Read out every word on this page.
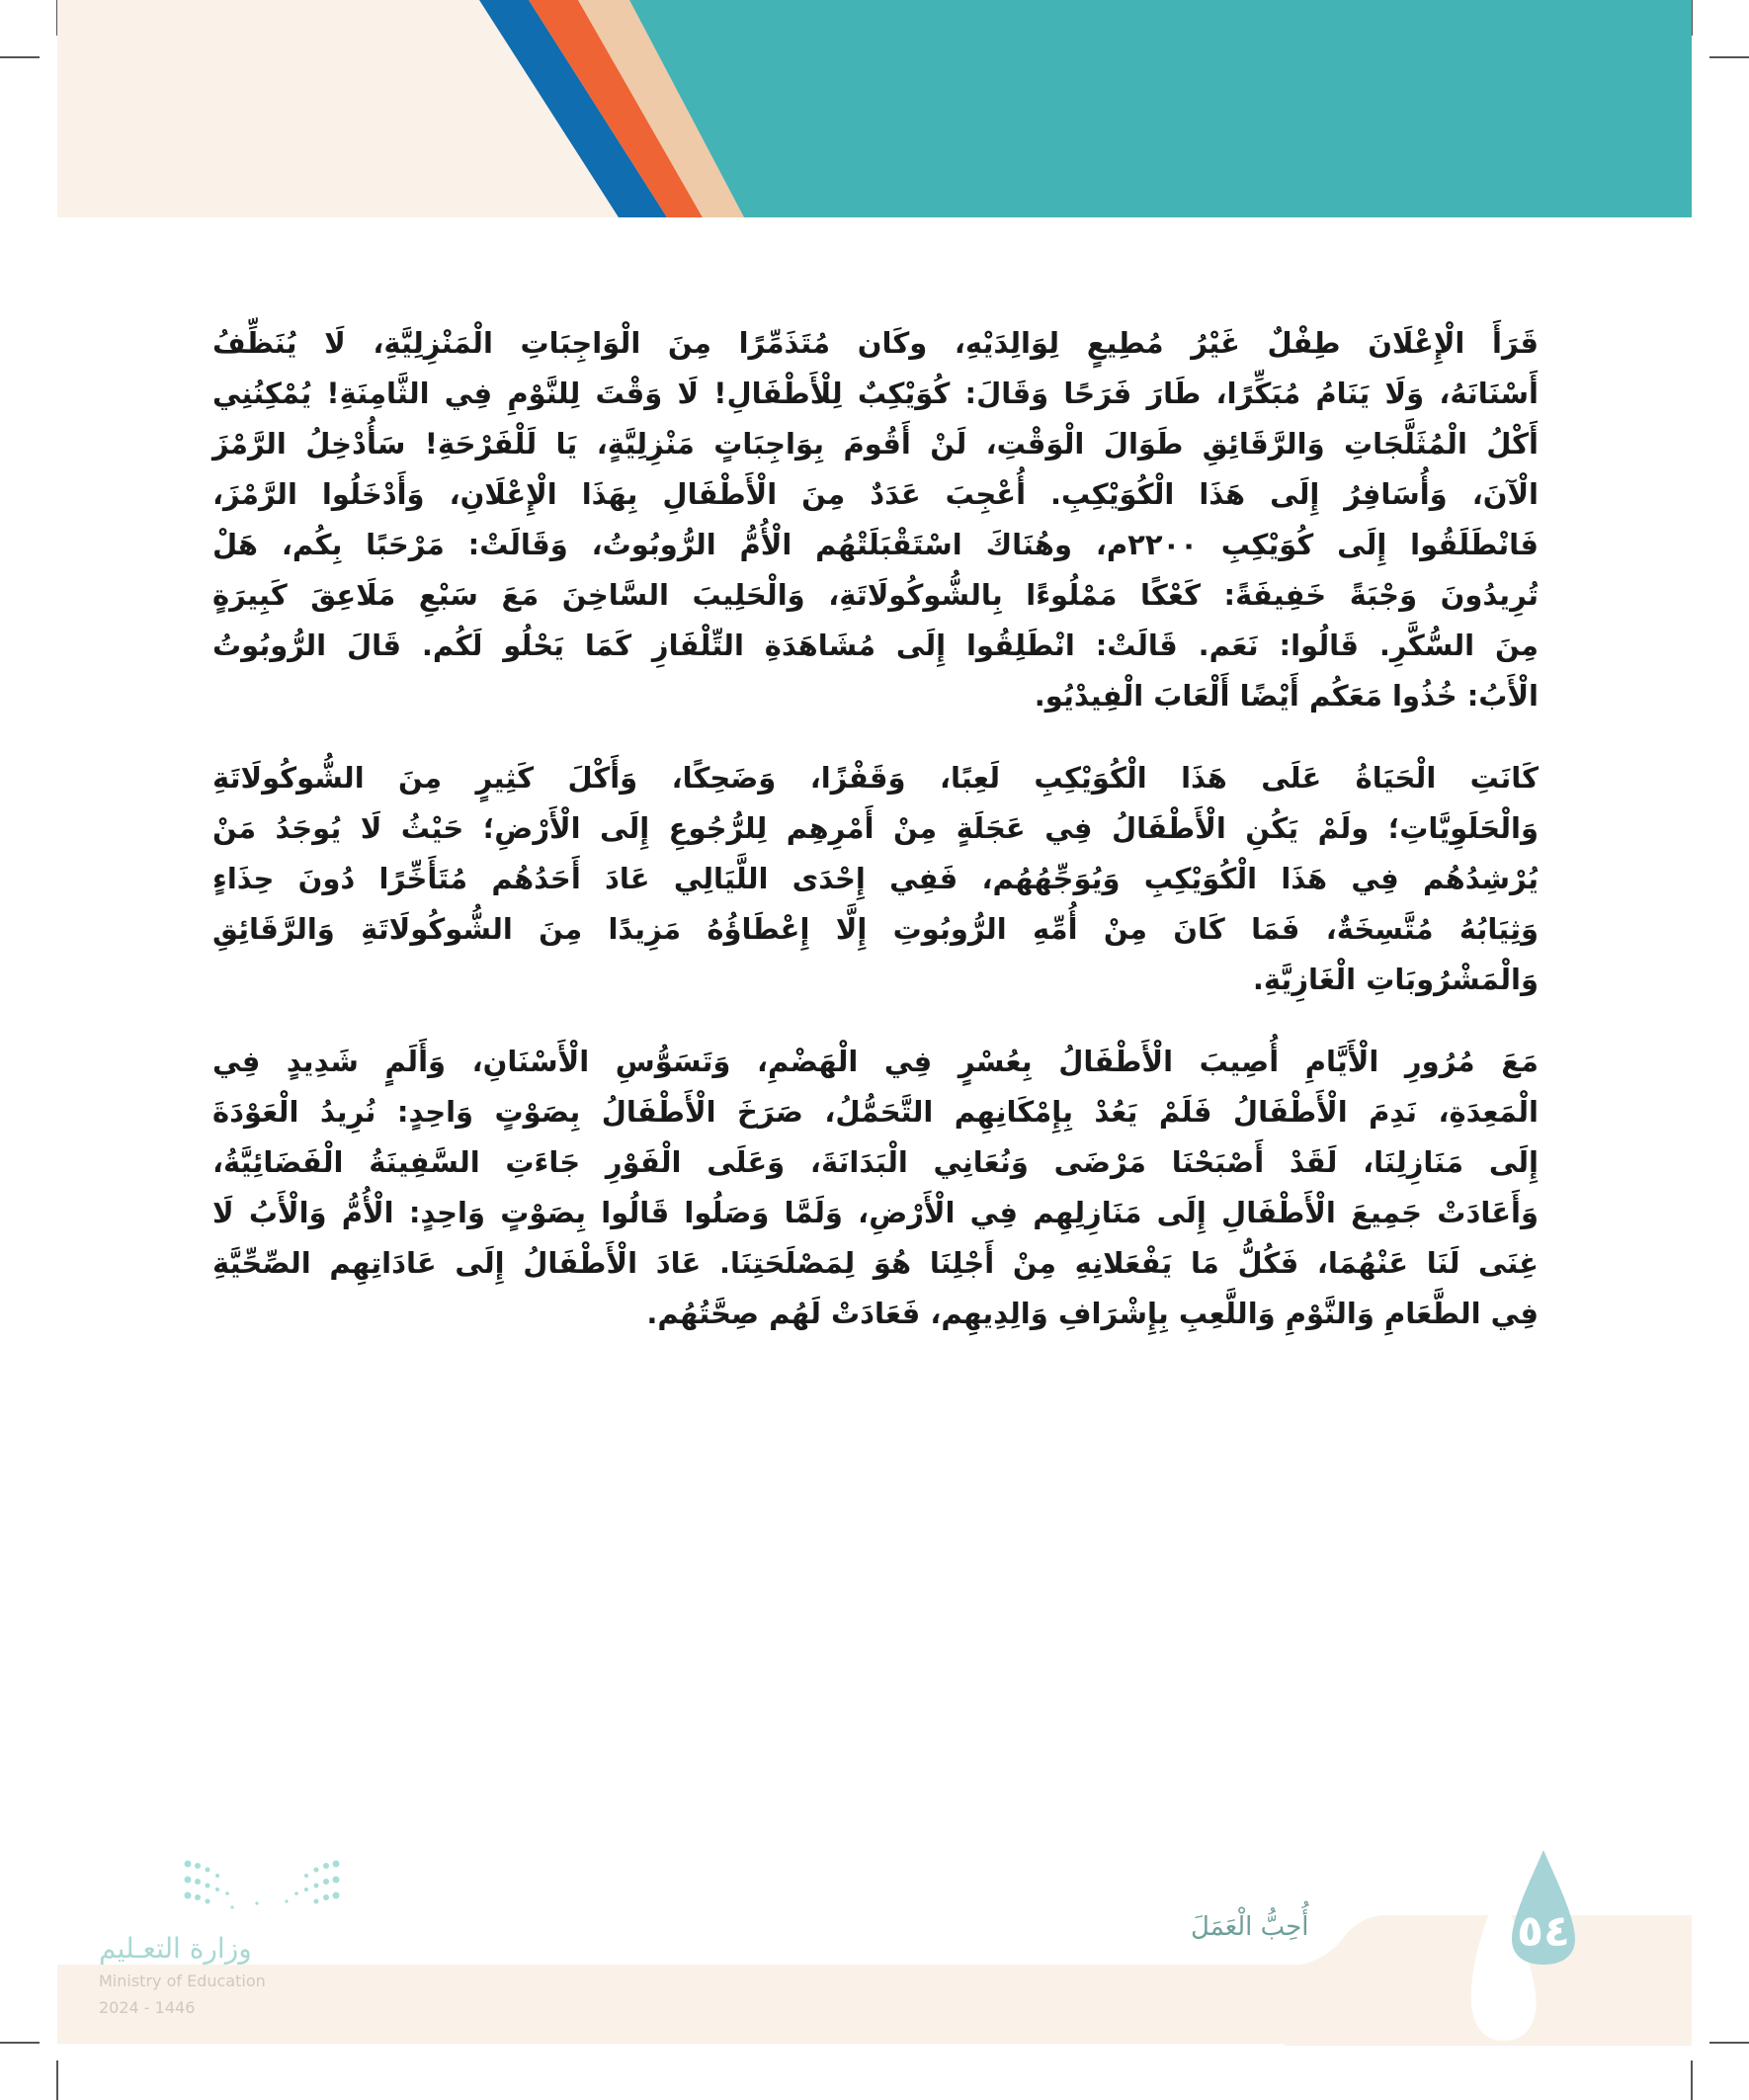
قَرَأَ الْإِعْلَانَ طِفْلٌ غَيْرُ مُطِيعٍ لِوَالِدَيْهِ، وكَان مُتَذَمِّرًا مِنَ الْوَاجِبَاتِ الْمَنْزِلِيَّةِ، لَا يُنَظِّفُ
أَسْنَانَهُ، وَلَا يَنَامُ مُبَكِّرًا، طَارَ فَرَحًا وَقَالَ: كُوَيْكِبٌ لِلْأَطْفَالِ! لَا وَقْتَ لِلنَّوْمِ فِي الثَّامِنَةِ! يُمْكِنُنِي
أَكْلُ الْمُثَلَّجَاتِ وَالرَّقَائِقِ طَوَالَ الْوَقْتِ، لَنْ أَقُومَ بِوَاجِبَاتٍ مَنْزِلِيَّةٍ، يَا لَلْفَرْحَةِ! سَأُدْخِلُ الرَّمْزَ
الْآنَ، وَأُسَافِرُ إِلَى هَذَا الْكُوَيْكِبِ. أُعْجِبَ عَدَدٌ مِنَ الْأَطْفَالِ بِهَذَا الْإِعْلَانِ، وَأَدْخَلُوا الرَّمْزَ،
فَانْطَلَقُوا إِلَى كُوَيْكِبِ ٢٢٠٠م، وهُنَاكَ اسْتَقْبَلَتْهُم الْأُمُّ الرُّوبُوتُ، وَقَالَتْ: مَرْحَبًا بِكُم، هَلْ
تُرِيدُونَ وَجْبَةً خَفِيفَةً: كَعْكًا مَمْلُوءًا بِالشُّوكُولَاتَةِ، وَالْحَلِيبَ السَّاخِنَ مَعَ سَبْعِ مَلَاعِقَ كَبِيرَةٍ
مِنَ السُّكَّرِ. قَالُوا: نَعَم. قَالَتْ: انْطَلِقُوا إِلَى مُشَاهَدَةِ التِّلْفَازِ كَمَا يَحْلُو لَكُم. قَالَ الرُّوبُوتُ
الْأَبُ: خُذُوا مَعَكُم أَيْضًا أَلْعَابَ الْفِيدْيُو.

كَانَتِ الْحَيَاةُ عَلَى هَذَا الْكُوَيْكِبِ لَعِبًا، وَقَفْزًا، وَضَحِكًا، وَأَكْلَ كَثِيرٍ مِنَ الشُّوكُولَاتَةِ
وَالْحَلَوِيَّاتِ؛ ولَمْ يَكُنِ الْأَطْفَالُ فِي عَجَلَةٍ مِنْ أَمْرِهِم لِلرُّجُوعِ إِلَى الْأَرْضِ؛ حَيْثُ لَا يُوجَدُ مَنْ
يُرْشِدُهُم فِي هَذَا الْكُوَيْكِبِ وَيُوَجِّهُهُم، فَفِي إِحْدَى اللَّيَالِي عَادَ أَحَدُهُم مُتَأَخِّرًا دُونَ حِذَاءٍ
وَثِيَابُهُ مُتَّسِخَةٌ، فَمَا كَانَ مِنْ أُمِّهِ الرُّوبُوتِ إِلَّا إِعْطَاؤُهُ مَزِيدًا مِنَ الشُّوكُولَاتَةِ وَالرَّقَائِقِ
وَالْمَشْرُوبَاتِ الْغَازِيَّةِ.

مَعَ مُرُورِ الْأَيَّامِ أُصِيبَ الْأَطْفَالُ بِعُسْرٍ فِي الْهَضْمِ، وَتَسَوُّسِ الْأَسْنَانِ، وَأَلَمٍ شَدِيدٍ فِي
الْمَعِدَةِ، نَدِمَ الْأَطْفَالُ فَلَمْ يَعُدْ بِإِمْكَانِهِم التَّحَمُّلُ، صَرَخَ الْأَطْفَالُ بِصَوْتٍ وَاحِدٍ: نُرِيدُ الْعَوْدَةَ
إِلَى مَنَازِلِنَا، لَقَدْ أَصْبَحْنَا مَرْضَى وَنُعَانِي الْبَدَانَةَ، وَعَلَى الْفَوْرِ جَاءَتِ السَّفِينَةُ الْفَضَائِيَّةُ،
وَأَعَادَتْ جَمِيعَ الْأَطْفَالِ إِلَى مَنَازِلِهِم فِي الْأَرْضِ، وَلَمَّا وَصَلُوا قَالُوا بِصَوْتٍ وَاحِدٍ: الْأُمُّ وَالْأَبُ لَا
غِنَى لَنَا عَنْهُمَا، فَكُلُّ مَا يَفْعَلانِهِ مِنْ أَجْلِنَا هُوَ لِمَصْلَحَتِنَا. عَادَ الْأَطْفَالُ إِلَى عَادَاتِهِم الصِّحِّيَّةِ
فِي الطَّعَامِ وَالنَّوْمِ وَاللَّعِبِ بِإِشْرَافِ وَالِدِيهِم، فَعَادَتْ لَهُم صِحَّتُهُم.

٥٤
أُحِبُّ الْعَمَلَ
وزارة التعـليم
Ministry of Education
2024 - 1446
